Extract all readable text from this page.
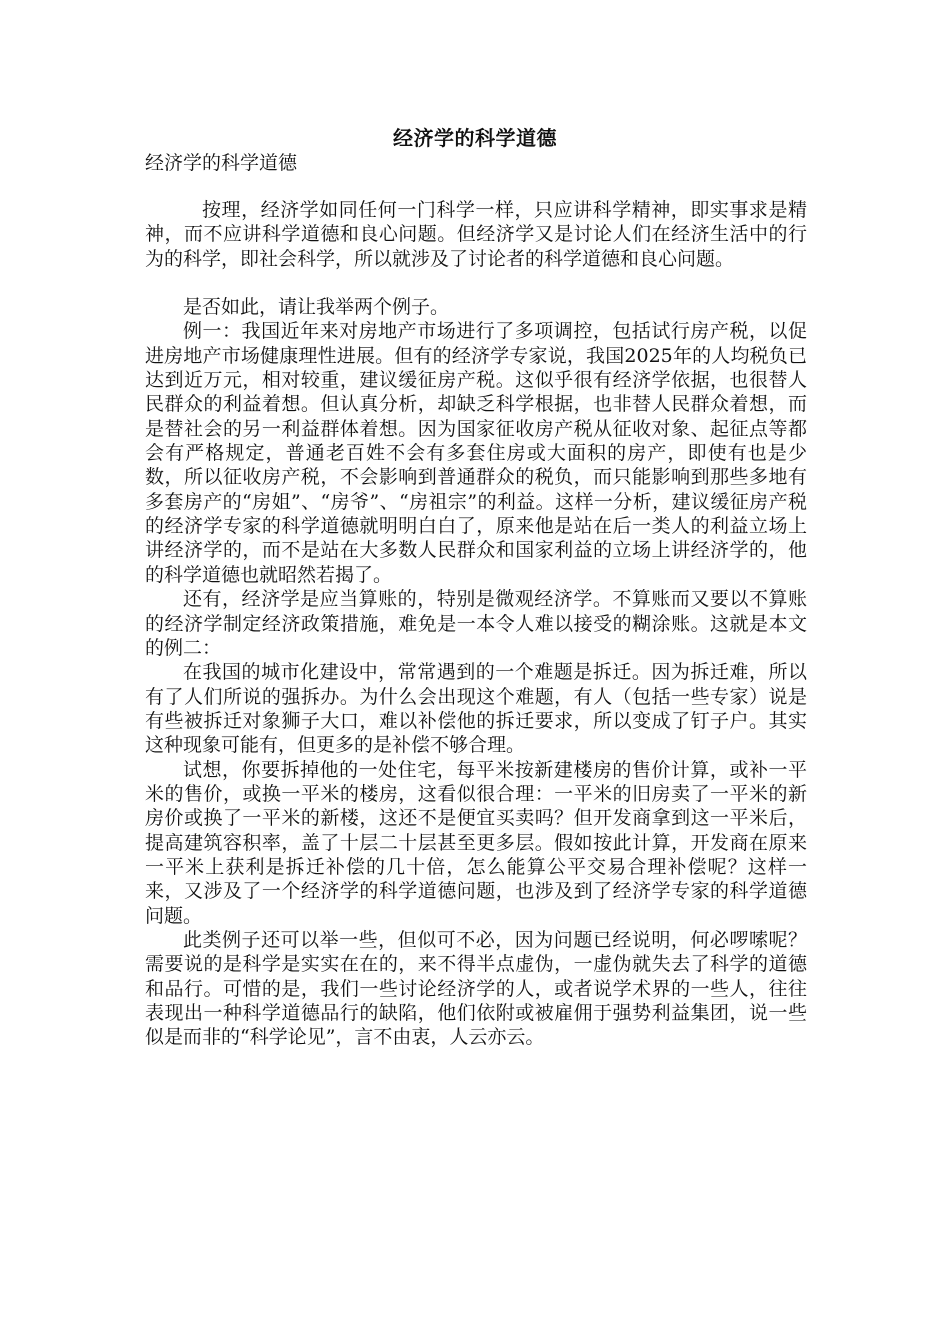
经济学的科学道德
经济学的科学道德

按理，经济学如同任何一门科学一样，只应讲科学精神，即实事求是精神，而不应讲科学道德和良心问题。但经济学又是讨论人们在经济生活中的行为的科学，即社会科学，所以就涉及了讨论者的科学道德和良心问题。

是否如此，请让我举两个例子。

例一：我国近年来对房地产市场进行了多项调控，包括试行房产税，以促进房地产市场健康理性进展。但有的经济学专家说，我国2025年的人均税负已达到近万元，相对较重，建议缓征房产税。这似乎很有经济学依据，也很替人民群众的利益着想。但认真分析，却缺乏科学根据，也非替人民群众着想，而是替社会的另一利益群体着想。因为国家征收房产税从征收对象、起征点等都会有严格规定，普通老百姓不会有多套住房或大面积的房产，即使有也是少数，所以征收房产税，不会影响到普通群众的税负，而只能影响到那些多地有多套房产的“房姐”、“房爷”、“房祖宗”的利益。这样一分析，建议缓征房产税的经济学专家的科学道德就明明白白了，原来他是站在后一类人的利益立场上讲经济学的，而不是站在大多数人民群众和国家利益的立场上讲经济学的，他的科学道德也就昭然若揭了。

还有，经济学是应当算账的，特别是微观经济学。不算账而又要以不算账的经济学制定经济政策措施，难免是一本令人难以接受的糊涂账。这就是本文的例二：

在我国的城市化建设中，常常遇到的一个难题是拆迁。因为拆迁难，所以有了人们所说的强拆办。为什么会出现这个难题，有人（包括一些专家）说是有些被拆迁对象狮子大口，难以补偿他的拆迁要求，所以变成了钉子户。其实这种现象可能有，但更多的是补偿不够合理。

试想，你要拆掉他的一处住宅，每平米按新建楼房的售价计算，或补一平米的售价，或换一平米的楼房，这看似很合理：一平米的旧房卖了一平米的新房价或换了一平米的新楼，这还不是便宜买卖吗？但开发商拿到这一平米后，提高建筑容积率，盖了十层二十层甚至更多层。假如按此计算，开发商在原来一平米上获利是拆迁补偿的几十倍，怎么能算公平交易合理补偿呢？这样一来，又涉及了一个经济学的科学道德问题，也涉及到了经济学专家的科学道德问题。

此类例子还可以举一些，但似可不必，因为问题已经说明，何必啰嗦呢？需要说的是科学是实实在在的，来不得半点虚伪，一虚伪就失去了科学的道德和品行。可惜的是，我们一些讨论经济学的人，或者说学术界的一些人，往往表现出一种科学道德品行的缺陷，他们依附或被雇佣于强势利益集团，说一些似是而非的“科学论见”，言不由衷，人云亦云。
